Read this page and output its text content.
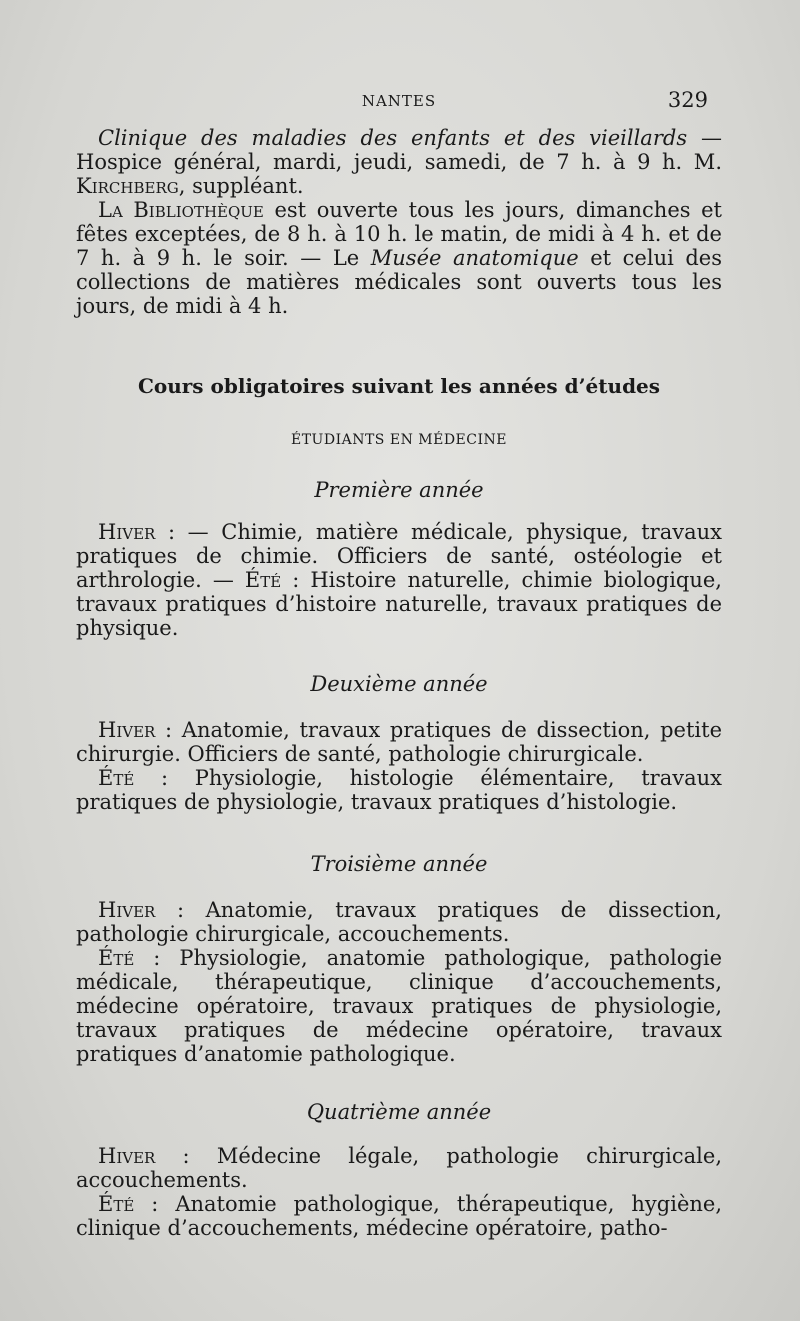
NANTES	329

Clinique des maladies des enfants et des vieillards — Hospice général, mardi, jeudi, samedi, de 7 h. à 9 h. M. Kirchberg, suppléant.

La Bibliothèque est ouverte tous les jours, dimanches et fêtes exceptées, de 8 h. à 10 h. le matin, de midi à 4 h. et de 7 h. à 9 h. le soir. — Le Musée anatomique et celui des collections de matières médicales sont ouverts tous les jours, de midi à 4 h.

Cours obligatoires suivant les années d’études
ÉTUDIANTS EN MÉDECINE
Première année

Hiver : — Chimie, matière médicale, physique, travaux pratiques de chimie. Officiers de santé, ostéologie et arthrologie. — Été : Histoire naturelle, chimie biologique, travaux pratiques d’histoire naturelle, travaux pratiques de physique.

Deuxième année

Hiver : Anatomie, travaux pratiques de dissection, petite chirurgie. Officiers de santé, pathologie chirurgicale.

Été : Physiologie, histologie élémentaire, travaux pratiques de physiologie, travaux pratiques d’histologie.

Troisième année

Hiver : Anatomie, travaux pratiques de dissection, pathologie chirurgicale, accouchements.

Été : Physiologie, anatomie pathologique, pathologie médicale, thérapeutique, clinique d’accouchements, médecine opératoire, travaux pratiques de physiologie, travaux pratiques de médecine opératoire, travaux pratiques d’anatomie pathologique.

Quatrième année

Hiver : Médecine légale, pathologie chirurgicale, accouchements.

Été : Anatomie pathologique, thérapeutique, hygiène, clinique d’accouchements, médecine opératoire, patho-
